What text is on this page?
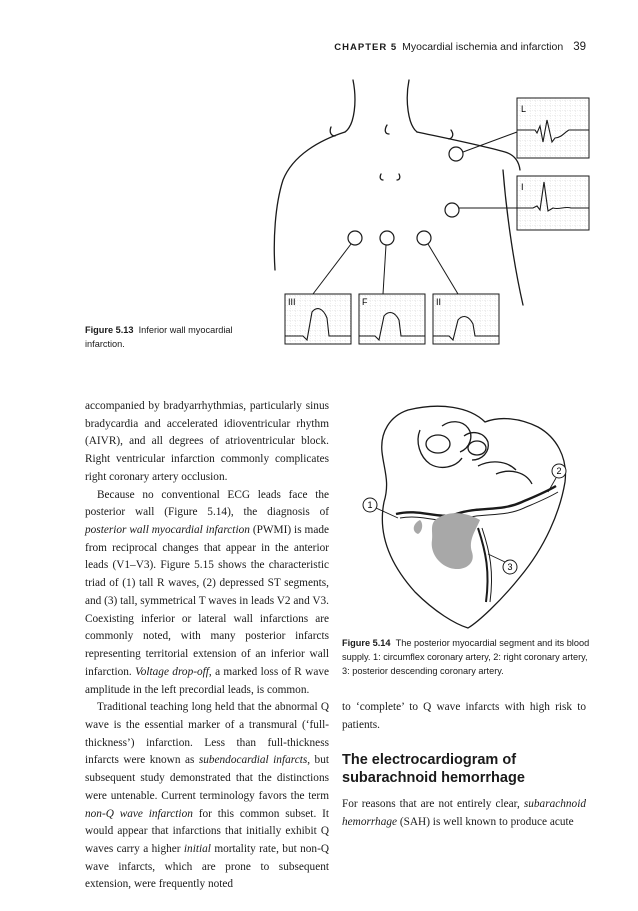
CHAPTER 5 Myocardial ischemia and infarction 39
L
I
III	F	II
Figure 5.13 Inferior wall myocardial infarction.
1
2
3
Figure 5.14 The posterior myocardial segment and its blood supply. 1: circumflex coronary artery, 2: right coronary artery, 3: posterior descending coronary artery.

accompanied by bradyarrhythmias, particularly sinus bradycardia and accelerated idioventricular rhythm (AIVR), and all degrees of atrioventricular block. Right ventricular infarction commonly complicates right coronary artery occlusion.

Because no conventional ECG leads face the posterior wall (Figure 5.14), the diagnosis of posterior wall myocardial infarction (PWMI) is made from reciprocal changes that appear in the anterior leads (V1–V3). Figure 5.15 shows the characteristic triad of (1) tall R waves, (2) depressed ST segments, and (3) tall, symmetrical T waves in leads V2 and V3. Coexisting inferior or lateral wall infarctions are commonly noted, with many posterior infarcts representing territorial extension of an inferior wall infarction. Voltage drop-off, a marked loss of R wave amplitude in the left precordial leads, is common.

Traditional teaching long held that the abnormal Q wave is the essential marker of a transmural (‘full-thickness’) infarction. Less than full-thickness infarcts were known as subendocardial infarcts, but subsequent study demonstrated that the distinctions were untenable. Current terminology favors the term non-Q wave infarction for this common subset. It would appear that infarctions that initially exhibit Q waves carry a higher initial mortality rate, but non-Q wave infarcts, which are prone to subsequent extension, were frequently noted

to ‘complete’ to Q wave infarcts with high risk to patients.

The electrocardiogram of subarachnoid hemorrhage

For reasons that are not entirely clear, subarachnoid hemorrhage (SAH) is well known to produce acute
